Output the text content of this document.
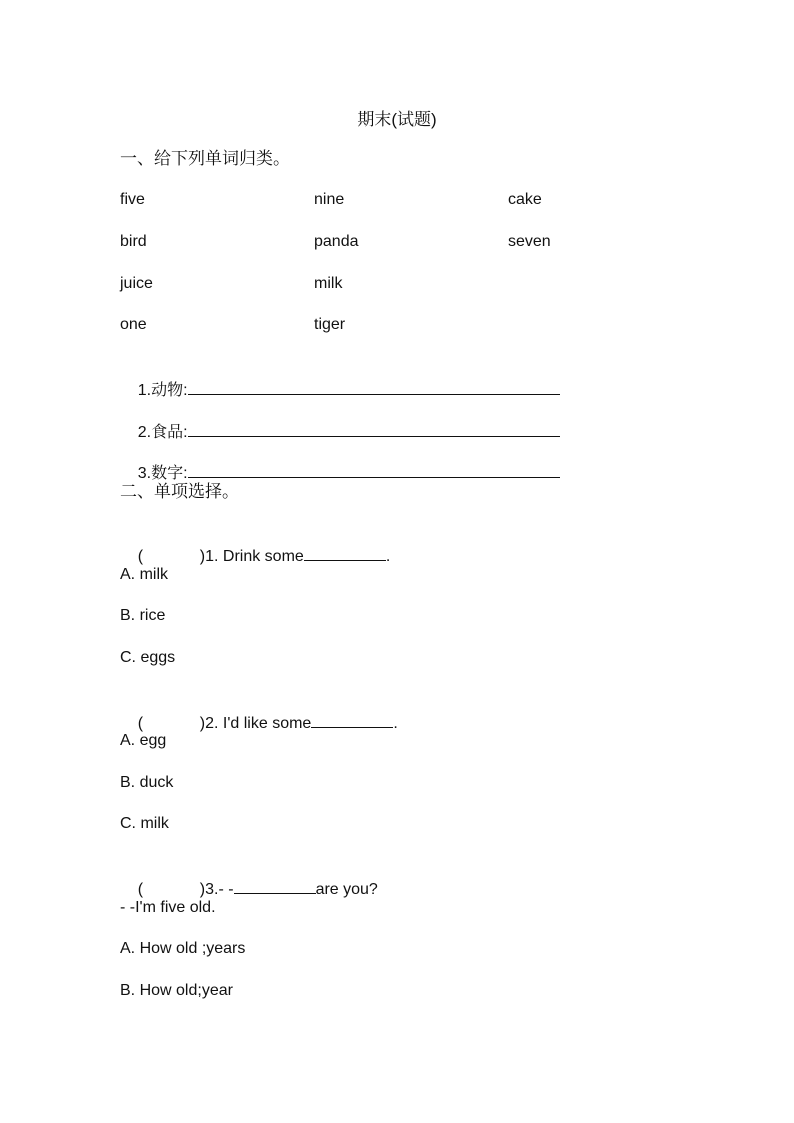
期末(试题)
一、给下列单词归类。
five	nine	cake
bird	panda	seven
juice	milk
one	tiger

1.动物:

2.食品:

3.数字:

二、单项选择。

(	)1. Drink some	.

A. milk
B. rice
C. eggs

(	)2. I'd like some	.

A. egg
B. duck
C. milk

(	)3.- -	are you?

- -I'm five old.
A. How old ;years
B. How old;year
